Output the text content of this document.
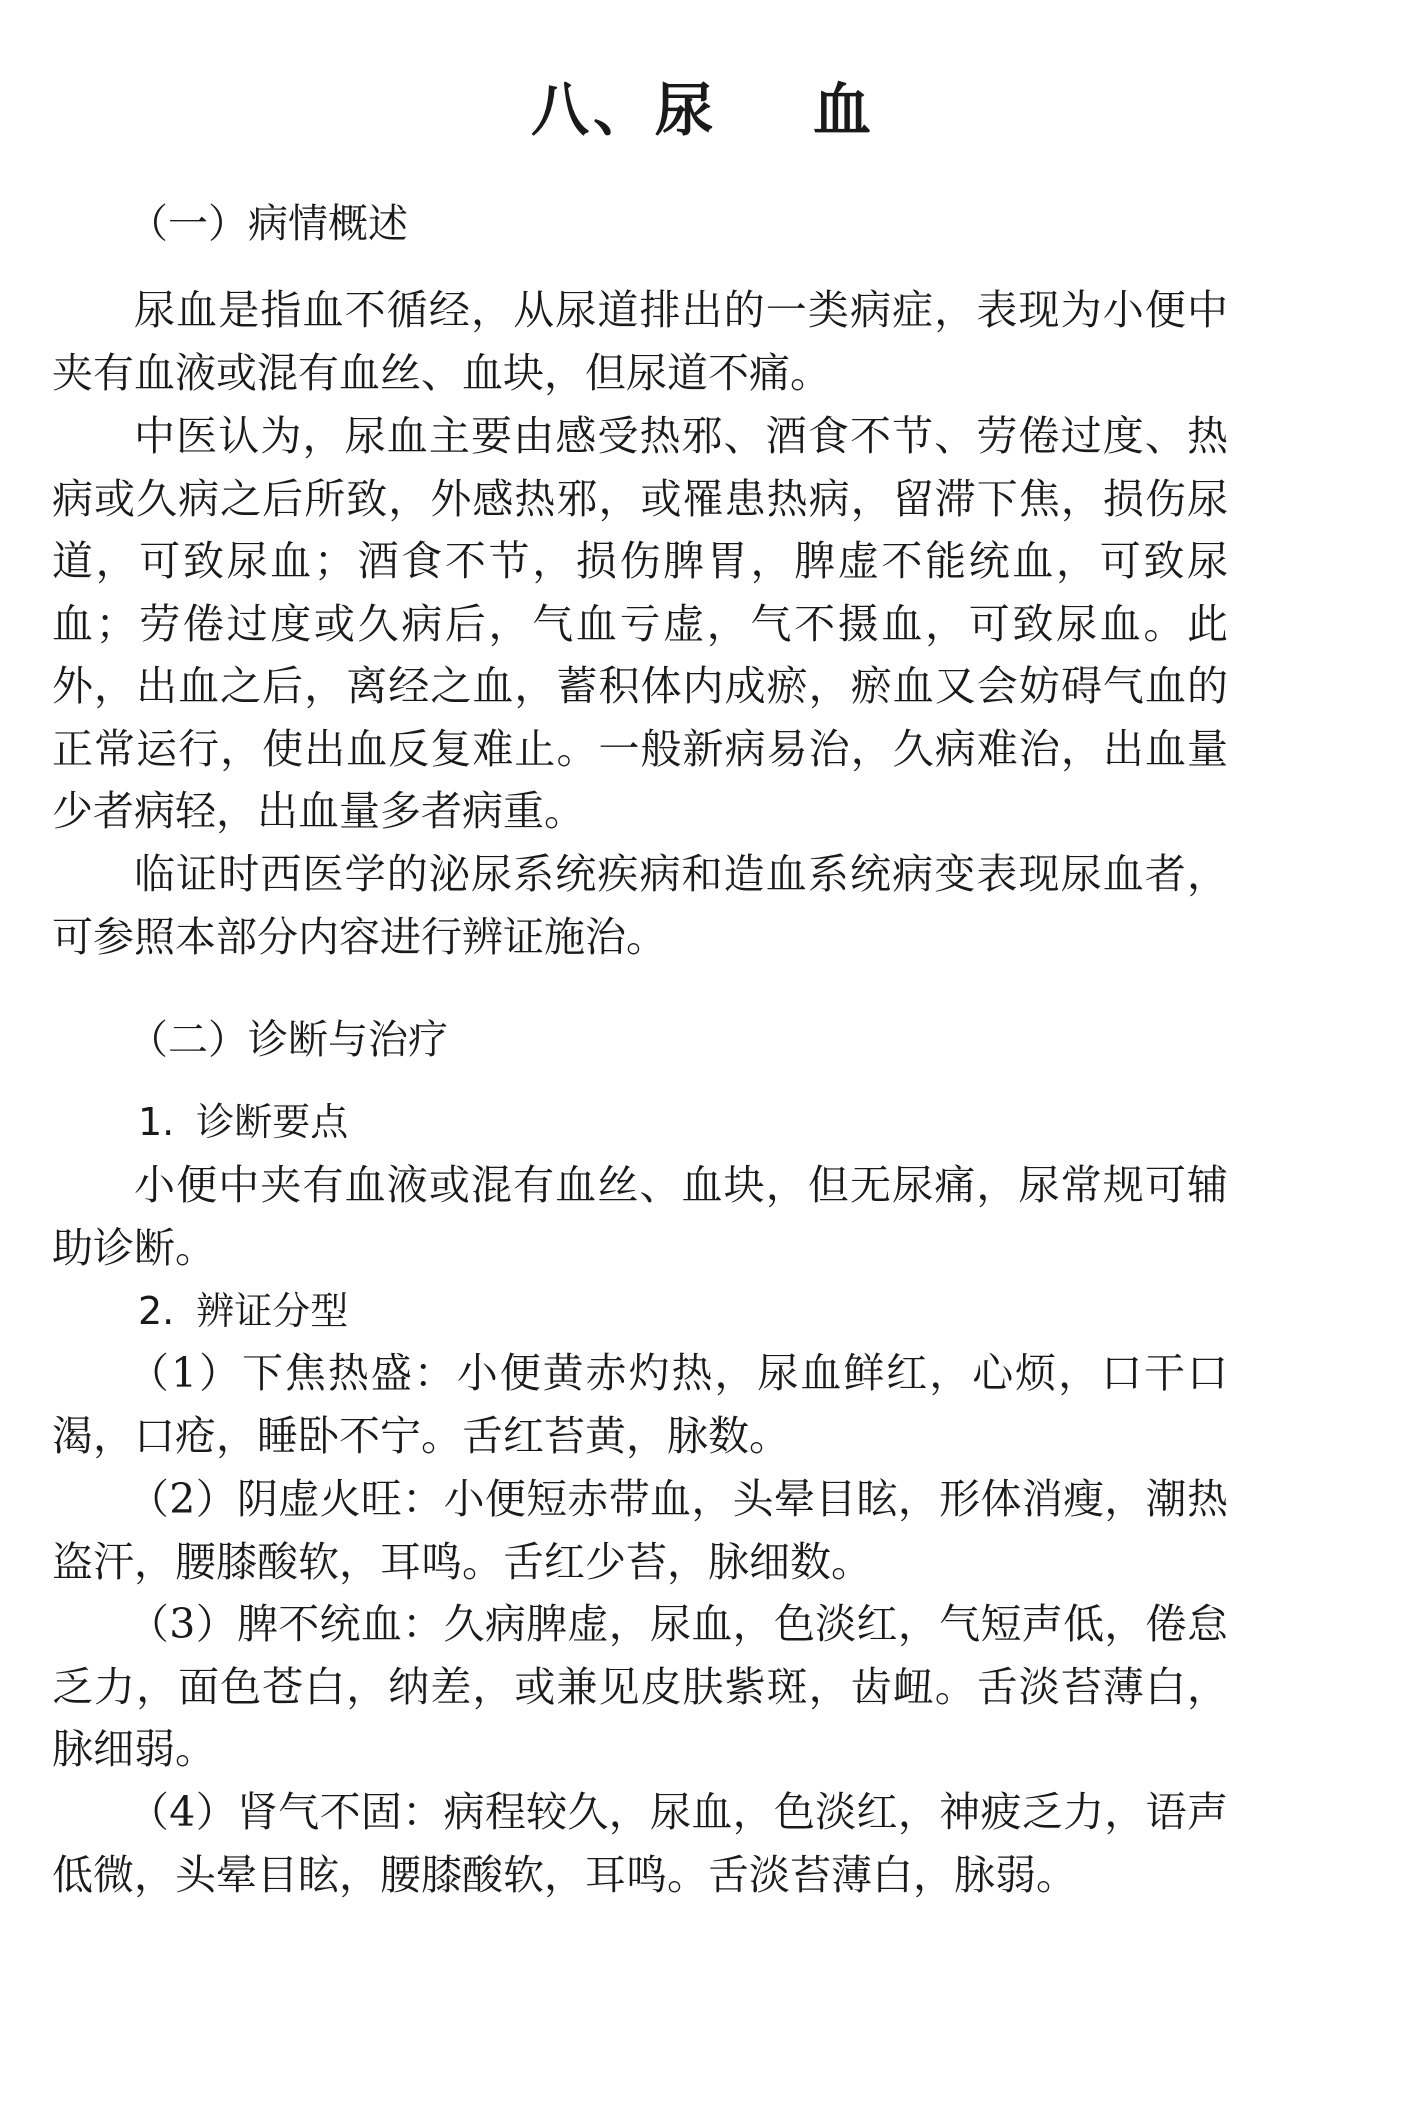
八、尿 血
（一）病情概述

尿血是指血不循经，从尿道排出的一类病症，表现为小便中夹有血液或混有血丝、血块，但尿道不痛。

中医认为，尿血主要由感受热邪、酒食不节、劳倦过度、热病或久病之后所致，外感热邪，或罹患热病，留滞下焦，损伤尿道，可致尿血；酒食不节，损伤脾胃，脾虚不能统血，可致尿血；劳倦过度或久病后，气血亏虚，气不摄血，可致尿血。此外，出血之后，离经之血，蓄积体内成瘀，瘀血又会妨碍气血的正常运行，使出血反复难止。一般新病易治，久病难治，出血量少者病轻，出血量多者病重。

临证时西医学的泌尿系统疾病和造血系统病变表现尿血者，可参照本部分内容进行辨证施治。

（二）诊断与治疗
1. 诊断要点

小便中夹有血液或混有血丝、血块，但无尿痛，尿常规可辅助诊断。

2. 辨证分型

（1）下焦热盛：小便黄赤灼热，尿血鲜红，心烦，口干口渴，口疮，睡卧不宁。舌红苔黄，脉数。

（2）阴虚火旺：小便短赤带血，头晕目眩，形体消瘦，潮热盗汗，腰膝酸软，耳鸣。舌红少苔，脉细数。

（3）脾不统血：久病脾虚，尿血，色淡红，气短声低，倦怠乏力，面色苍白，纳差，或兼见皮肤紫斑，齿衄。舌淡苔薄白，脉细弱。

（4）肾气不固：病程较久，尿血，色淡红，神疲乏力，语声低微，头晕目眩，腰膝酸软，耳鸣。舌淡苔薄白，脉弱。
